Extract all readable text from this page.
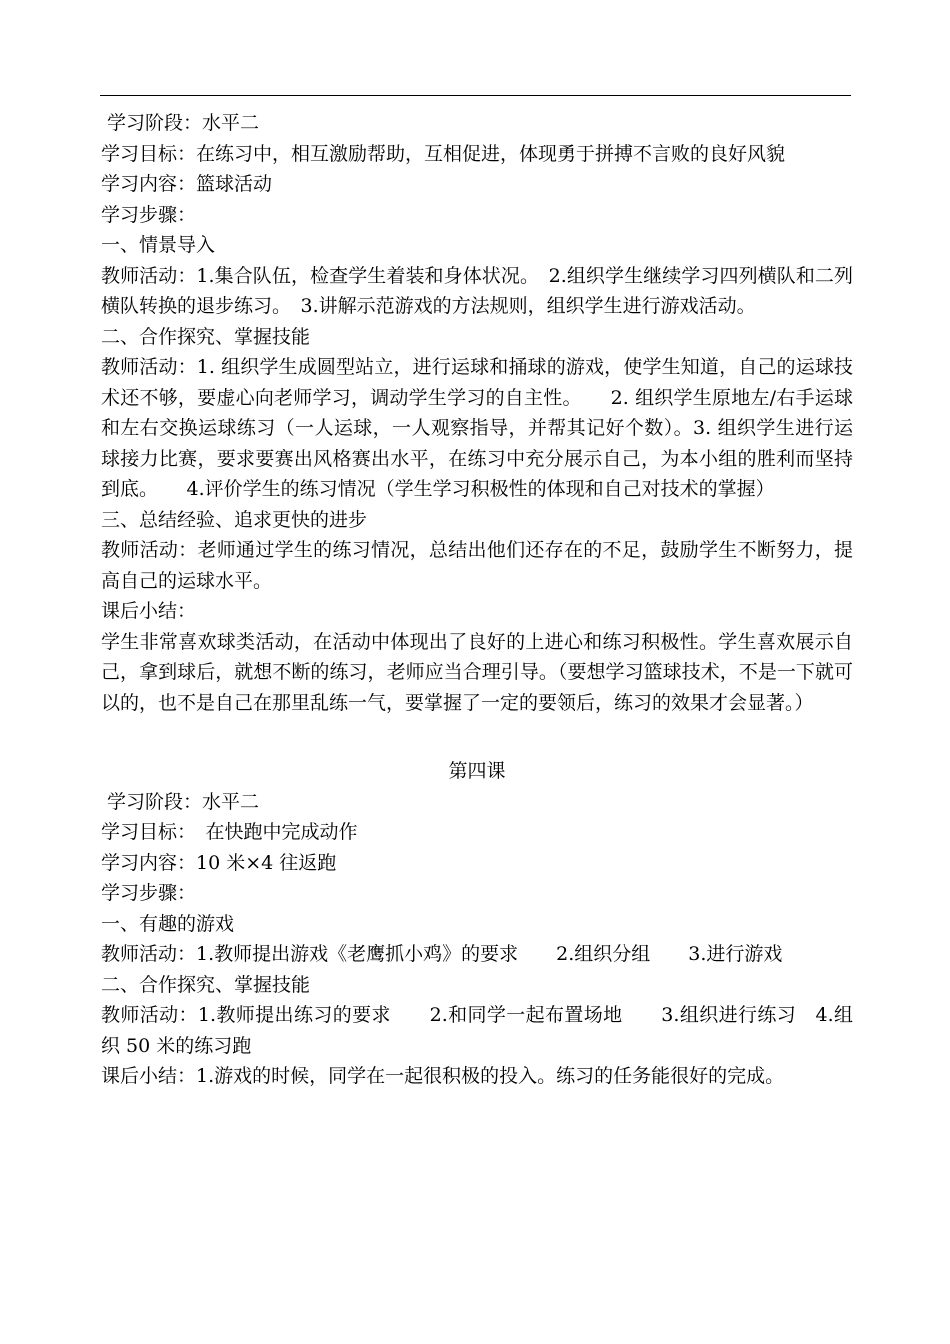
学习阶段：水平二

学习目标：在练习中，相互激励帮助，互相促进，体现勇于拼搏不言败的良好风貌

学习内容：篮球活动

学习步骤：

一、情景导入

教师活动：1.集合队伍，检查学生着装和身体状况。　2.组织学生继续学习四列横队和二列横队转换的退步练习。　3.讲解示范游戏的方法规则，组织学生进行游戏活动。

二、合作探究、掌握技能

教师活动：1. 组织学生成圆型站立，进行运球和捅球的游戏，使学生知道，自己的运球技术还不够，要虚心向老师学习，调动学生学习的自主性。　　2. 组织学生原地左/右手运球和左右交换运球练习（一人运球，一人观察指导，并帮其记好个数）。3. 组织学生进行运球接力比赛，要求要赛出风格赛出水平，在练习中充分展示自己，为本小组的胜利而坚持到底。　　4.评价学生的练习情况（学生学习积极性的体现和自己对技术的掌握）

三、总结经验、追求更快的进步

教师活动：老师通过学生的练习情况，总结出他们还存在的不足，鼓励学生不断努力，提高自己的运球水平。

课后小结：

学生非常喜欢球类活动，在活动中体现出了良好的上进心和练习积极性。学生喜欢展示自己，拿到球后，就想不断的练习，老师应当合理引导。（要想学习篮球技术，不是一下就可以的，也不是自己在那里乱练一气，要掌握了一定的要领后，练习的效果才会显著。）

第四课

学习阶段：水平二

学习目标：　在快跑中完成动作

学习内容：10 米×4 往返跑

学习步骤：

一、有趣的游戏

教师活动：1.教师提出游戏《老鹰抓小鸡》的要求　　2.组织分组　　3.进行游戏

二、合作探究、掌握技能

教师活动：1.教师提出练习的要求　　2.和同学一起布置场地　　3.组织进行练习　4.组织 50 米的练习跑

课后小结：1.游戏的时候，同学在一起很积极的投入。练习的任务能很好的完成。
